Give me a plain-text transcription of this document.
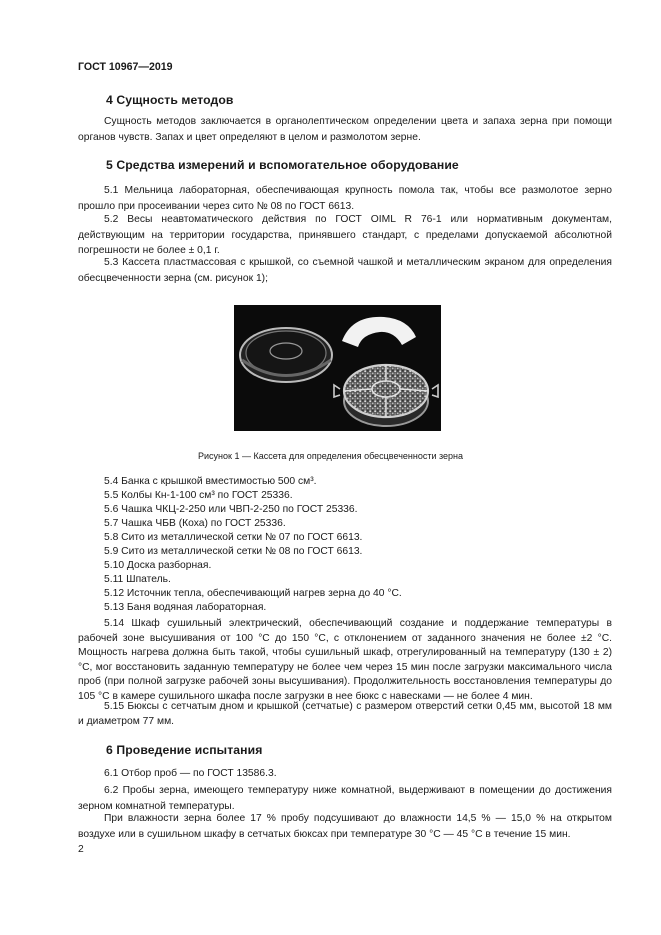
ГОСТ 10967—2019
4 Сущность методов
Сущность методов заключается в органолептическом определении цвета и запаха зерна при помощи органов чувств. Запах и цвет определяют в целом и размолотом зерне.
5 Средства измерений и вспомогательное оборудование
5.1 Мельница лабораторная, обеспечивающая крупность помола так, чтобы все размолотое зерно прошло при просеивании через сито № 08 по ГОСТ 6613.
5.2 Весы неавтоматического действия по ГОСТ OIML R 76-1 или нормативным документам, действующим на территории государства, принявшего стандарт, с пределами допускаемой абсолютной погрешности не более ± 0,1 г.
5.3 Кассета пластмассовая с крышкой, со съемной чашкой и металлическим экраном для определения обесцвеченности зерна (см. рисунок 1);
Рисунок 1 — Кассета для определения обесцвеченности зерна
5.4 Банка с крышкой вместимостью 500 см³.
5.5 Колбы Кн-1-100 см³ по ГОСТ 25336.
5.6 Чашка ЧКЦ-2-250 или ЧВП-2-250 по ГОСТ 25336.
5.7 Чашка ЧБВ (Коха) по ГОСТ 25336.
5.8 Сито из металлической сетки № 07 по ГОСТ 6613.
5.9 Сито из металлической сетки № 08 по ГОСТ 6613.
5.10 Доска разборная.
5.11 Шпатель.
5.12 Источник тепла, обеспечивающий нагрев зерна до 40 °C.
5.13 Баня водяная лабораторная.
5.14 Шкаф сушильный электрический, обеспечивающий создание и поддержание температуры в рабочей зоне высушивания от 100 °C до 150 °C, с отклонением от заданного значения не более ±2 °C. Мощность нагрева должна быть такой, чтобы сушильный шкаф, отрегулированный на температуру (130 ± 2) °C, мог восстановить заданную температуру не более чем через 15 мин после загрузки максимального числа проб (при полной загрузке рабочей зоны высушивания). Продолжительность восстановления температуры до 105 °C в камере сушильного шкафа после загрузки в нее бюкс с навесками — не более 4 мин.
5.15 Бюксы с сетчатым дном и крышкой (сетчатые) с размером отверстий сетки 0,45 мм, высотой 18 мм и диаметром 77 мм.
6 Проведение испытания
6.1 Отбор проб — по ГОСТ 13586.3.
6.2 Пробы зерна, имеющего температуру ниже комнатной, выдерживают в помещении до достижения зерном комнатной температуры.
При влажности зерна более 17 % пробу подсушивают до влажности 14,5 % — 15,0 % на открытом воздухе или в сушильном шкафу в сетчатых бюксах при температуре 30 °C — 45 °C в течение 15 мин.
2
